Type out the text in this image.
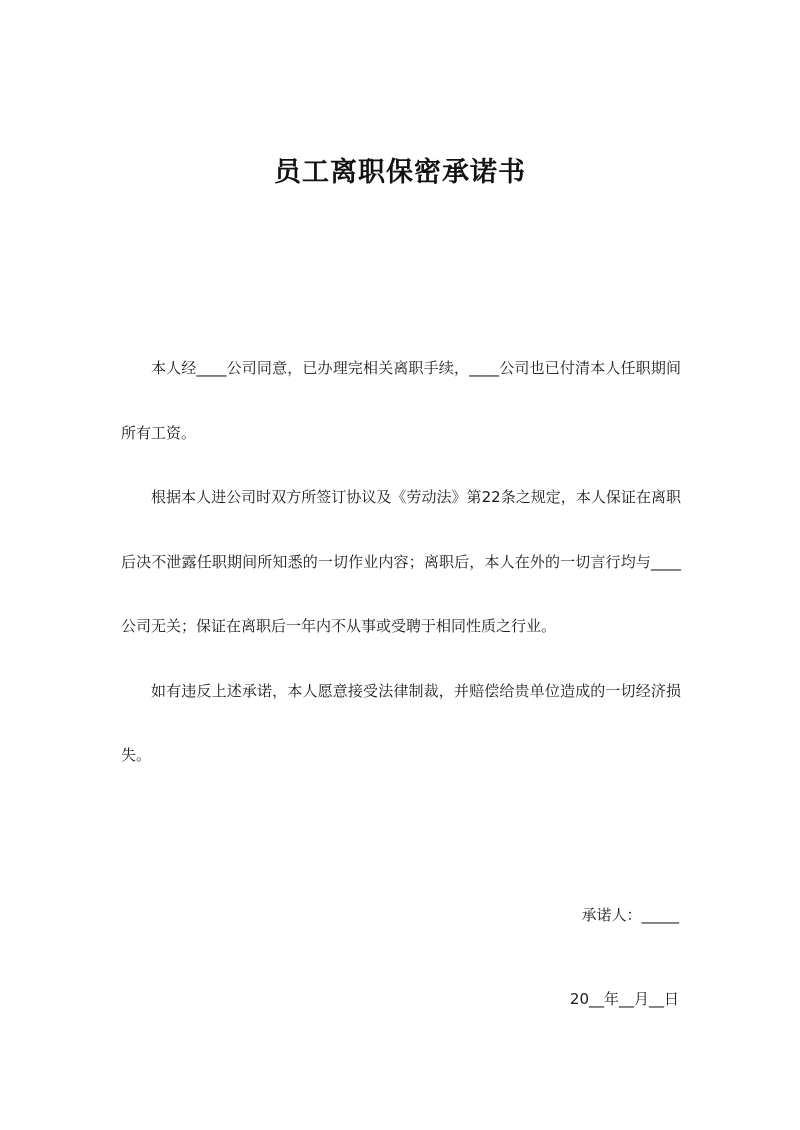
员工离职保密承诺书

本人经____公司同意，已办理完相关离职手续，____公司也已付清本人任职期间所有工资。

根据本人进公司时双方所签订协议及《劳动法》第22条之规定，本人保证在离职后决不泄露任职期间所知悉的一切作业内容；离职后，本人在外的一切言行均与____公司无关；保证在离职后一年内不从事或受聘于相同性质之行业。

如有违反上述承诺，本人愿意接受法律制裁，并赔偿给贵单位造成的一切经济损失。

承诺人：_____
20__年__月__日
